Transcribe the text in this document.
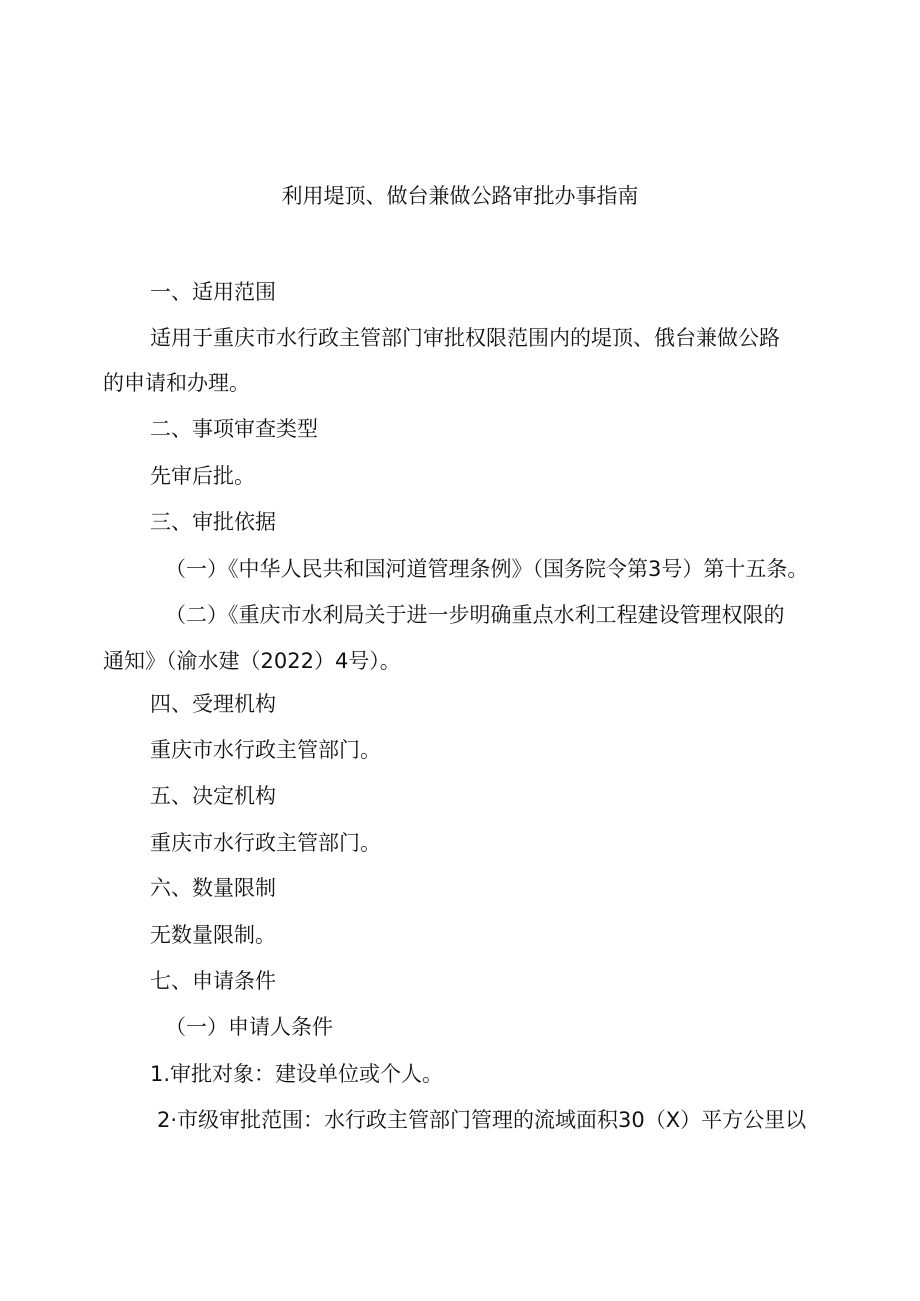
利用堤顶、做台兼做公路审批办事指南
一、适用范围
适用于重庆市水行政主管部门审批权限范围内的堤顶、俄台兼做公路
的申请和办理。
二、事项审查类型
先审后批。
三、审批依据
（一）《中华人民共和国河道管理条例》（国务院令第3号）第十五条。
（二）《重庆市水利局关于进一步明确重点水利工程建设管理权限的
通知》（渝水建（2022）4号）。
四、受理机构
重庆市水行政主管部门。
五、决定机构
重庆市水行政主管部门。
六、数量限制
无数量限制。
七、申请条件
（一）申请人条件
1.审批对象：建设单位或个人。
2·市级审批范围：水行政主管部门管理的流域面积30（X）平方公里以
